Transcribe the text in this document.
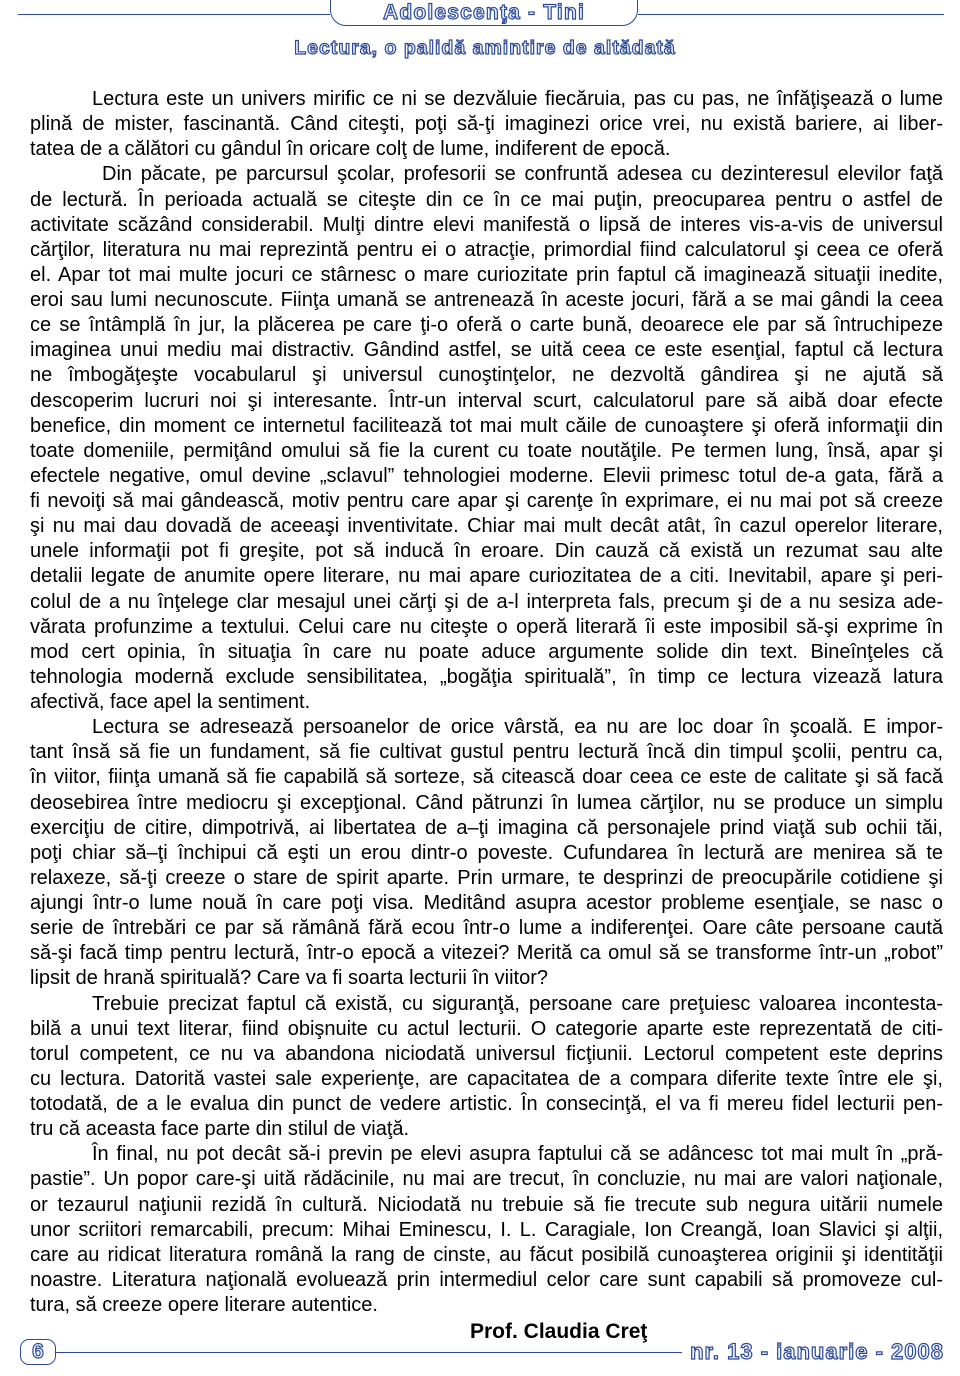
Adolescenţa - Tini
Lectura, o palidă amintire de altădată
Lectura este un univers mirific ce ni se dezvăluie fiecăruia, pas cu pas, ne înfăţişează o lume
plină de mister, fascinantă. Când citeşti, poţi să-ţi imaginezi orice vrei, nu există bariere, ai liber-
tatea de a călători cu gândul în oricare colţ de lume, indiferent de epocă.
Din păcate, pe parcursul şcolar, profesorii se confruntă adesea cu dezinteresul elevilor faţă
de lectură. În perioada actuală se citeşte din ce în ce mai puţin, preocuparea pentru o astfel de
activitate scăzând considerabil. Mulţi dintre elevi manifestă o lipsă de interes vis-a-vis de universul
cărţilor, literatura nu mai reprezintă pentru ei o atracţie, primordial fiind calculatorul şi ceea ce oferă
el. Apar tot mai multe jocuri ce stârnesc o mare curiozitate prin faptul că imaginează situaţii inedite,
eroi sau lumi necunoscute. Fiinţa umană se antrenează în aceste jocuri, fără a se mai gândi la ceea
ce se întâmplă în jur, la plăcerea pe care ţi-o oferă o carte bună, deoarece ele par să întruchipeze
imaginea unui mediu mai distractiv. Gândind astfel, se uită ceea ce este esenţial, faptul că lectura
ne îmbogăţeşte vocabularul şi universul cunoştinţelor, ne dezvoltă gândirea şi ne ajută să
descoperim lucruri noi şi interesante. Într-un interval scurt, calculatorul pare să aibă doar efecte
benefice, din moment ce internetul facilitează tot mai mult căile de cunoaştere şi oferă informaţii din
toate domeniile, permiţând omului să fie la curent cu toate noutăţile. Pe termen lung, însă, apar şi
efectele negative, omul devine „sclavul” tehnologiei moderne. Elevii primesc totul de-a gata, fără a
fi nevoiţi să mai gândească, motiv pentru care apar şi carenţe în exprimare, ei nu mai pot să creeze
şi nu mai dau dovadă de aceeaşi inventivitate. Chiar mai mult decât atât, în cazul operelor literare,
unele informaţii pot fi greşite, pot să inducă în eroare. Din cauză că există un rezumat sau alte
detalii legate de anumite opere literare, nu mai apare curiozitatea de a citi. Inevitabil, apare şi peri-
colul de a nu înţelege clar mesajul unei cărţi şi de a-l interpreta fals, precum şi de a nu sesiza ade-
vărata profunzime a textului. Celui care nu citeşte o operă literară îi este imposibil să-şi exprime în
mod cert opinia, în situaţia în care nu poate aduce argumente solide din text. Bineînţeles că
tehnologia modernă exclude sensibilitatea, „bogăţia spirituală”, în timp ce lectura vizează latura
afectivă, face apel la sentiment.
Lectura se adresează persoanelor de orice vârstă, ea nu are loc doar în şcoală. E impor-
tant însă să fie un fundament, să fie cultivat gustul pentru lectură încă din timpul şcolii, pentru ca,
în viitor, fiinţa umană să fie capabilă să sorteze, să citească doar ceea ce este de calitate şi să facă
deosebirea între mediocru şi excepţional. Când pătrunzi în lumea cărţilor, nu se produce un simplu
exerciţiu de citire, dimpotrivă, ai libertatea de a–ţi imagina că personajele prind viaţă sub ochii tăi,
poţi chiar să–ţi închipui că eşti un erou dintr-o poveste. Cufundarea în lectură are menirea să te
relaxeze, să-ţi creeze o stare de spirit aparte. Prin urmare, te desprinzi de preocupările cotidiene şi
ajungi într-o lume nouă în care poţi visa. Meditând asupra acestor probleme esenţiale, se nasc o
serie de întrebări ce par să rămână fără ecou într-o lume a indiferenţei. Oare câte persoane caută
să-şi facă timp pentru lectură, într-o epocă a vitezei? Merită ca omul să se transforme într-un „robot”
lipsit de hrană spirituală? Care va fi soarta lecturii în viitor?
Trebuie precizat faptul că există, cu siguranţă, persoane care preţuiesc valoarea incontesta-
bilă a unui text literar, fiind obişnuite cu actul lecturii. O categorie aparte este reprezentată de citi-
torul competent, ce nu va abandona niciodată universul ficţiunii. Lectorul competent este deprins
cu lectura. Datorită vastei sale experienţe, are capacitatea de a compara diferite texte între ele şi,
totodată, de a le evalua din punct de vedere artistic. În consecinţă, el va fi mereu fidel lecturii pen-
tru că aceasta face parte din stilul de viaţă.
În final, nu pot decât să-i previn pe elevi asupra faptului că se adâncesc tot mai mult în „pră-
pastie”. Un popor care-şi uită rădăcinile, nu mai are trecut, în concluzie, nu mai are valori naţionale,
or tezaurul naţiunii rezidă în cultură. Niciodată nu trebuie să fie trecute sub negura uitării numele
unor scriitori remarcabili, precum: Mihai Eminescu, I. L. Caragiale, Ion Creangă, Ioan Slavici şi alţii,
care au ridicat literatura română la rang de cinste, au făcut posibilă cunoaşterea originii şi identităţii
noastre. Literatura naţională evoluează prin intermediul celor care sunt capabili să promoveze cul-
tura, să creeze opere literare autentice.
Prof. Claudia Creţ
6	nr. 13 - ianuarie - 2008
